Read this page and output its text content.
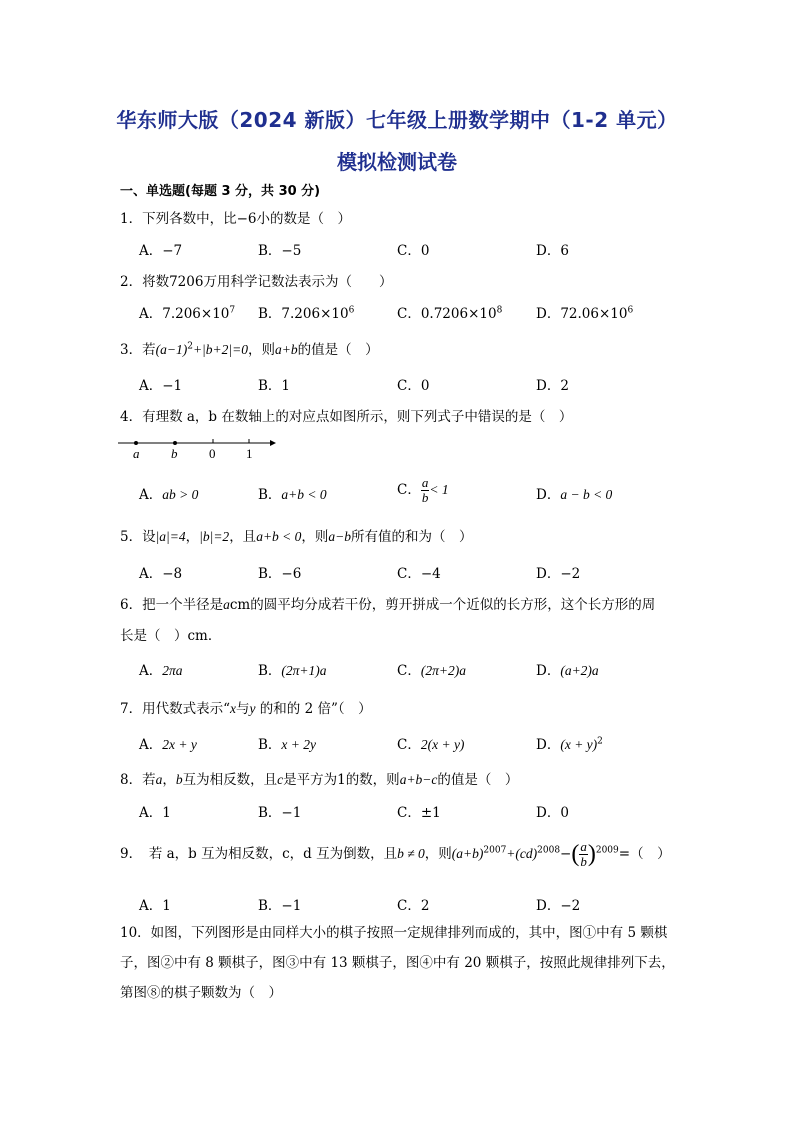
华东师大版（2024 新版）七年级上册数学期中（1-2 单元）
模拟检测试卷
一、单选题(每题 3 分，共 30 分)
1．下列各数中，比−6小的数是（　）
A．−7	B．−5	C．0	D．6
2．将数7206万用科学记数法表示为（　　）
A．$7.206\times 10^7$ B．$7.206\times 10^6$	C．$0.7206\times 10^8$ D．$72.06\times 10^6$
3．若$(a-1)^2+|b+2|=0$，则a+b的值是（　）
A．−1	B．1	C．0	D．2
4．有理数 a，b 在数轴上的对应点如图所示，则下列式子中错误的是（　）
a b 0 1
A．ab > 0	B．a+b < 0	C． $\frac{a}{b} < 1$	D．a − b < 0
5．设|a|=4，|b|=2，且a+b < 0，则a−b所有值的和为（　）
A．−8	B．−6	C．−4	D．−2
6．把一个半径是acm的圆平均分成若干份，剪开拼成一个近似的长方形，这个长方形的周
长是（　）cm．
A．2πa	B．(2π+1)a	C．(2π+2)a	D．(a+2)a
7．用代数式表示“x与y 的和的 2 倍”（　）
A．2x + y	B．x + 2y	C．2(x + y)	D．$(x + y)^2$
8．若a，b互为相反数，且c是平方为1的数，则a+b−c的值是（　）
A．1	B．−1	C．±1	D．0
9．　若 a，b 互为相反数，c，d 互为倒数，且b ≠ 0，则$(a+b)^{2007}+(cd)^{2008}-( \frac{a}{b} )^{2009}=$（　）
A．1	B．−1	C．2	D．−2
10．如图，下列图形是由同样大小的棋子按照一定规律排列而成的，其中，图①中有 5 颗棋子，图②中有 8 颗棋子，图③中有 13 颗棋子，图④中有 20 颗棋子，按照此规律排列下去，第图⑧的棋子颗数为（　）
